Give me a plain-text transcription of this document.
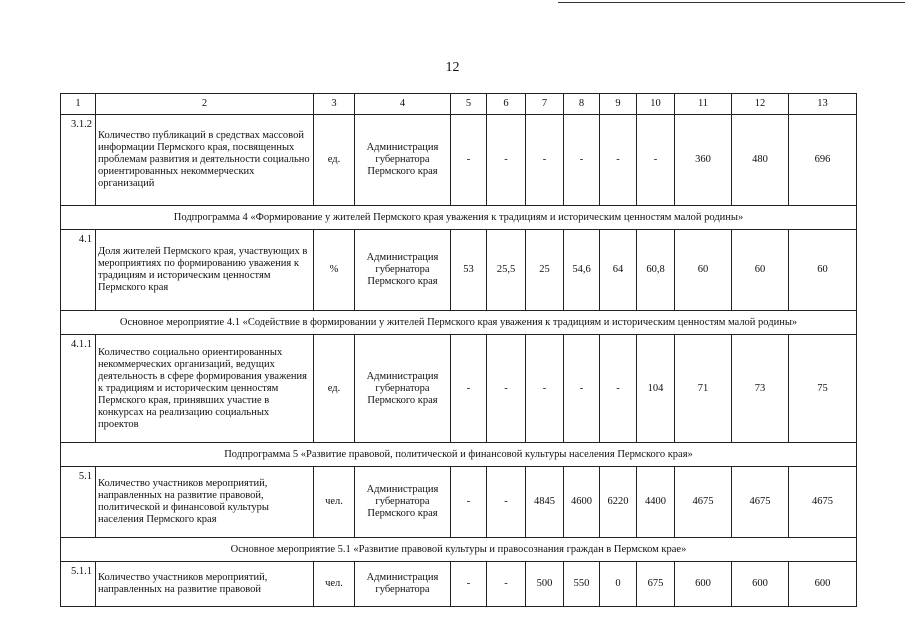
12
1	2	3	4	5	6	7	8	9	10	11	12	13
3.1.2	Количество публикаций в средствах массовой информации Пермского края, посвященных проблемам развития и деятельности социально ориентированных некоммерческих организаций	ед.	Администрация губернатора Пермского края	-	-	-	-	-	-	360	480	696
Подпрограмма 4 «Формирование у жителей Пермского края уважения к традициям и историческим ценностям малой родины»												
4.1	Доля жителей Пермского края, участвующих в мероприятиях по формированию уважения к традициям и историческим ценностям Пермского края	%	Администрация губернатора Пермского края	53	25,5	25	54,6	64	60,8	60	60	60
Основное мероприятие 4.1 «Содействие в формировании у жителей Пермского края уважения к традициям и историческим ценностям малой родины»												
4.1.1	Количество социально ориентированных некоммерческих организаций, ведущих деятельность в сфере формирования уважения к традициям и историческим ценностям Пермского края, принявших участие в конкурсах на реализацию социальных проектов	ед.	Администрация губернатора Пермского края	-	-	-	-	-	104	71	73	75
Подпрограмма 5 «Развитие правовой, политической и финансовой культуры населения Пермского края»												
5.1	Количество участников мероприятий, направленных на развитие правовой, политической и финансовой культуры населения Пермского края	чел.	Администрация губернатора Пермского края	-	-	4845	4600	6220	4400	4675	4675	4675
Основное мероприятие 5.1 «Развитие правовой культуры и правосознания граждан в Пермском крае»												
5.1.1	Количество участников мероприятий, направленных на развитие правовой	чел.	Администрация губернатора	-	-	500	550	0	675	600	600	600
